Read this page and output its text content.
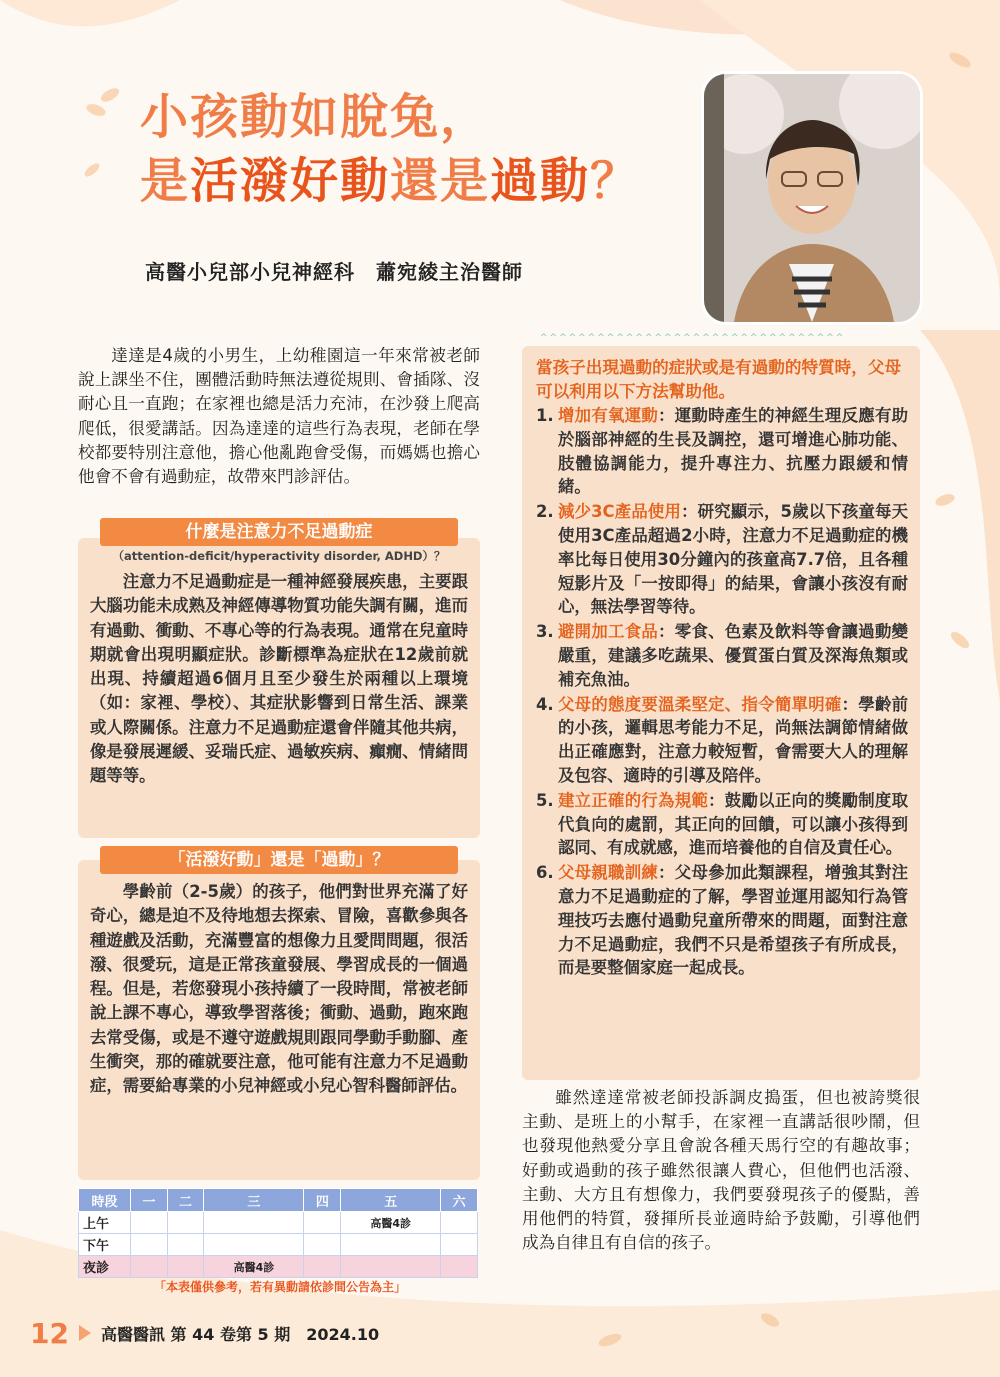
小孩動如脫兔，
是活潑好動還是過動？
高醫小兒部小兒神經科　蕭宛綾主治醫師

達達是4歲的小男生，上幼稚園這一年來常被老師說上課坐不住，團體活動時無法遵從規則、會插隊、沒耐心且一直跑；在家裡也總是活力充沛，在沙發上爬高爬低，很愛講話。因為達達的這些行為表現，老師在學校都要特別注意他，擔心他亂跑會受傷，而媽媽也擔心他會不會有過動症，故帶來門診評估。

什麼是注意力不足過動症
（attention-deficit/hyperactivity disorder, ADHD）？

注意力不足過動症是一種神經發展疾患，主要跟大腦功能未成熟及神經傳導物質功能失調有關，進而有過動、衝動、不專心等的行為表現。通常在兒童時期就會出現明顯症狀。診斷標準為症狀在12歲前就出現、持續超過6個月且至少發生於兩種以上環境（如：家裡、學校）、其症狀影響到日常生活、課業或人際關係。注意力不足過動症還會伴隨其他共病，像是發展遲緩、妥瑞氏症、過敏疾病、癲癇、情緒問題等等。

「活潑好動」還是「過動」？

學齡前（2-5歲）的孩子，他們對世界充滿了好奇心，總是迫不及待地想去探索、冒險，喜歡參與各種遊戲及活動，充滿豐富的想像力且愛問問題，很活潑、很愛玩，這是正常孩童發展、學習成長的一個過程。但是，若您發現小孩持續了一段時間，常被老師說上課不專心，導致學習落後；衝動、過動，跑來跑去常受傷，或是不遵守遊戲規則跟同學動手動腳、產生衝突，那的確就要注意，他可能有注意力不足過動症，需要給專業的小兒神經或小兒心智科醫師評估。

^^^^^^^^^^^^^^^^^^^^^^^^^^^^^^^^
當孩子出現過動的症狀或是有過動的特質時，父母可以利用以下方法幫助他。
1. 增加有氧運動：運動時產生的神經生理反應有助於腦部神經的生長及調控，還可增進心肺功能、肢體協調能力，提升專注力、抗壓力跟緩和情緒。
2. 減少3C產品使用：研究顯示，5歲以下孩童每天使用3C產品超過2小時，注意力不足過動症的機率比每日使用30分鐘內的孩童高7.7倍，且各種短影片及「一按即得」的結果，會讓小孩沒有耐心，無法學習等待。
3. 避開加工食品：零食、色素及飲料等會讓過動變嚴重，建議多吃蔬果、優質蛋白質及深海魚類或補充魚油。
4. 父母的態度要溫柔堅定、指令簡單明確：學齡前的小孩，邏輯思考能力不足，尚無法調節情緒做出正確應對，注意力較短暫，會需要大人的理解及包容、適時的引導及陪伴。
5. 建立正確的行為規範：鼓勵以正向的獎勵制度取代負向的處罰，其正向的回饋，可以讓小孩得到認同、有成就感，進而培養他的自信及責任心。
6. 父母親職訓練：父母參加此類課程，增強其對注意力不足過動症的了解，學習並運用認知行為管理技巧去應付過動兒童所帶來的問題，面對注意力不足過動症，我們不只是希望孩子有所成長，而是要整個家庭一起成長。

雖然達達常被老師投訴調皮搗蛋，但也被誇獎很主動、是班上的小幫手，在家裡一直講話很吵鬧，但也發現他熱愛分享且會說各種天馬行空的有趣故事；好動或過動的孩子雖然很讓人費心，但他們也活潑、主動、大方且有想像力，我們要發現孩子的優點，善用他們的特質，發揮所長並適時給予鼓勵，引導他們成為自律且有自信的孩子。

時段	一	二	三	四	五	六
上午					高醫4診	
下午						
夜診			高醫4診			
「本表僅供參考，若有異動請依診間公告為主」
12 高醫醫訊 第 44 卷第 5 期　2024.10
